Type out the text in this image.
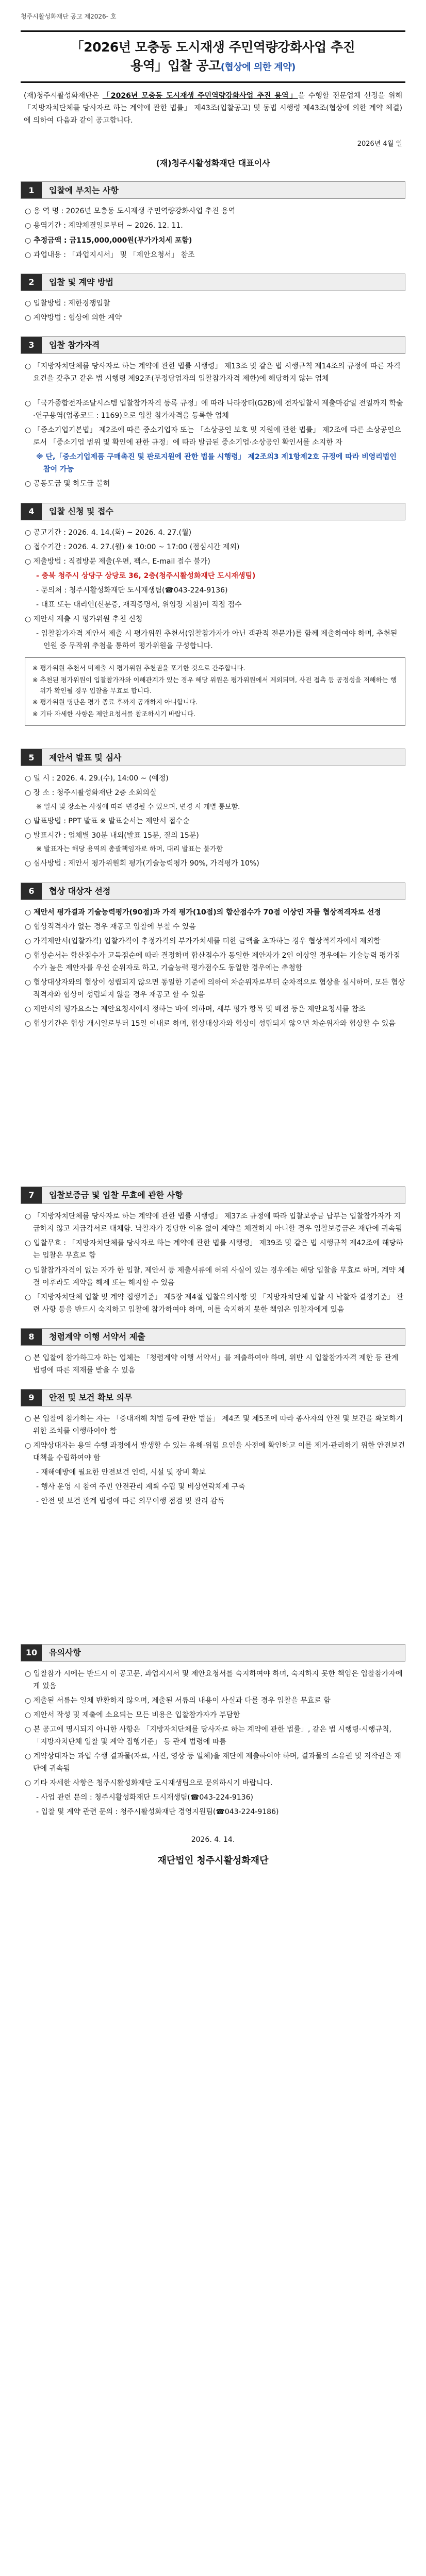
청주시활성화재단 공고 제2026- 호
「2026년 모충동 도시재생 주민역량강화사업 추진
용역」입찰 공고(협상에 의한 계약)

(재)청주시활성화재단은 「2026년 모충동 도시재생 주민역량강화사업 추진 용역」을 수행할 전문업체 선정을 위해 「지방자치단체를 당사자로 하는 계약에 관한 법률」 제43조(입찰공고) 및 동법 시행령 제43조(협상에 의한 계약 체결)에 의하여 다음과 같이 공고합니다.

2026년 4월 일
(재)청주시활성화재단 대표이사
1	입찰에 부치는 사항
○ 용 역 명 : 2026년 모충동 도시재생 주민역량강화사업 추진 용역
○ 용역기간 : 계약체결일로부터 ~ 2026. 12. 11.
○ 추정금액 : 금115,000,000원(부가가치세 포함)
○ 과업내용 : 「과업지시서」 및 「제안요청서」 참조
2	입찰 및 계약 방법
○ 입찰방법 : 제한경쟁입찰
○ 계약방법 : 협상에 의한 계약
3	입찰 참가자격
○ 「지방자치단체를 당사자로 하는 계약에 관한 법률 시행령」 제13조 및 같은 법 시행규칙 제14조의 규정에 따른 자격요건을 갖추고 같은 법 시행령 제92조(부정당업자의 입찰참가자격 제한)에 해당하지 않는 업체
○ 「국가종합전자조달시스템 입찰참가자격 등록 규정」에 따라 나라장터(G2B)에 전자입찰서 제출마감일 전일까지 학술·연구용역(업종코드 : 1169)으로 입찰 참가자격을 등록한 업체
○ 「중소기업기본법」 제2조에 따른 중소기업자 또는 「소상공인 보호 및 지원에 관한 법률」 제2조에 따른 소상공인으로서 「중소기업 범위 및 확인에 관한 규정」에 따라 발급된 중소기업·소상공인 확인서를 소지한 자
※ 단,「중소기업제품 구매촉진 및 판로지원에 관한 법률 시행령」 제2조의3 제1항제2호 규정에 따라 비영리법인 참여 가능
○ 공동도급 및 하도급 불허
4	입찰 신청 및 접수
○ 공고기간 : 2026. 4. 14.(화) ~ 2026. 4. 27.(월)
○ 접수기간 : 2026. 4. 27.(월) ※ 10:00 ~ 17:00 (점심시간 제외)
○ 제출방법 : 직접방문 제출(우편, 팩스, E-mail 접수 불가)
- 충북 청주시 상당구 상당로 36, 2층(청주시활성화재단 도시재생팀)
- 문의처 : 청주시활성화재단 도시재생팀(☎043-224-9136)
- 대표 또는 대리인(신분증, 재직증명서, 위임장 지참)이 직접 접수
○ 제안서 제출 시 평가위원 추천 신청
- 입찰참가자격 제안서 제출 시 평가위원 추천서(입찰참가자가 아닌 객관적 전문가)를 함께 제출하여야 하며, 추천된 인원 중 무작위 추첨을 통하여 평가위원을 구성합니다.
※ 평가위원 추천서 미제출 시 평가위원 추천권을 포기한 것으로 간주합니다.
※ 추천된 평가위원이 입찰참가자와 이해관계가 있는 경우 해당 위원은 평가위원에서 제외되며, 사전 접촉 등 공정성을 저해하는 행위가 확인될 경우 입찰을 무효로 합니다.
※ 평가위원 명단은 평가 종료 후까지 공개하지 아니합니다.
※ 기타 자세한 사항은 제안요청서를 참조하시기 바랍니다.
5	제안서 발표 및 심사
○ 일 시 : 2026. 4. 29.(수), 14:00 ~ (예정)
○ 장 소 : 청주시활성화재단 2층 소회의실
※ 일시 및 장소는 사정에 따라 변경될 수 있으며, 변경 시 개별 통보함.
○ 발표방법 : PPT 발표 ※ 발표순서는 제안서 접수순
○ 발표시간 : 업체별 30분 내외(발표 15분, 질의 15분)
※ 발표자는 해당 용역의 총괄책임자로 하며, 대리 발표는 불가함
○ 심사방법 : 제안서 평가위원회 평가(기술능력평가 90%, 가격평가 10%)
6	협상 대상자 선정
○ 제안서 평가결과 기술능력평가(90점)과 가격 평가(10점)의 합산점수가 70점 이상인 자를 협상적격자로 선정
○ 협상적격자가 없는 경우 재공고 입찰에 부칠 수 있음
○ 가격제안서(입찰가격) 입찰가격이 추정가격의 부가가치세를 더한 금액을 초과하는 경우 협상적격자에서 제외함
○ 협상순서는 합산점수가 고득점순에 따라 결정하며 합산점수가 동일한 제안자가 2인 이상일 경우에는 기술능력 평가점수가 높은 제안자를 우선 순위자로 하고, 기술능력 평가점수도 동일한 경우에는 추첨함
○ 협상대상자와의 협상이 성립되지 않으면 동일한 기준에 의하여 차순위자로부터 순차적으로 협상을 실시하며, 모든 협상적격자와 협상이 성립되지 않을 경우 재공고 할 수 있음
○ 제안서의 평가요소는 제안요청서에서 정하는 바에 의하며, 세부 평가 항목 및 배점 등은 제안요청서를 참조
○ 협상기간은 협상 개시일로부터 15일 이내로 하며, 협상대상자와 협상이 성립되지 않으면 차순위자와 협상할 수 있음
7	입찰보증금 및 입찰 무효에 관한 사항
○ 「지방자치단체를 당사자로 하는 계약에 관한 법률 시행령」 제37조 규정에 따라 입찰보증금 납부는 입찰참가자가 지급하지 않고 지급각서로 대체함. 낙찰자가 정당한 이유 없이 계약을 체결하지 아니할 경우 입찰보증금은 재단에 귀속됨
○ 입찰무효 : 「지방자치단체를 당사자로 하는 계약에 관한 법률 시행령」 제39조 및 같은 법 시행규칙 제42조에 해당하는 입찰은 무효로 함
○ 입찰참가자격이 없는 자가 한 입찰, 제안서 등 제출서류에 허위 사실이 있는 경우에는 해당 입찰을 무효로 하며, 계약 체결 이후라도 계약을 해제 또는 해지할 수 있음
○ 「지방자치단체 입찰 및 계약 집행기준」 제5장 제4절 입찰유의사항 및 「지방자치단체 입찰 시 낙찰자 결정기준」 관련 사항 등을 반드시 숙지하고 입찰에 참가하여야 하며, 이를 숙지하지 못한 책임은 입찰자에게 있음
8	청렴계약 이행 서약서 제출
○ 본 입찰에 참가하고자 하는 업체는 「청렴계약 이행 서약서」를 제출하여야 하며, 위반 시 입찰참가자격 제한 등 관계 법령에 따른 제재를 받을 수 있음
9	안전 및 보건 확보 의무
○ 본 입찰에 참가하는 자는 「중대재해 처벌 등에 관한 법률」 제4조 및 제5조에 따라 종사자의 안전 및 보건을 확보하기 위한 조치를 이행하여야 함
○ 계약상대자는 용역 수행 과정에서 발생할 수 있는 유해·위험 요인을 사전에 확인하고 이를 제거·관리하기 위한 안전보건 대책을 수립하여야 함
- 재해예방에 필요한 안전보건 인력, 시설 및 장비 확보
- 행사 운영 시 참여 주민 안전관리 계획 수립 및 비상연락체계 구축
- 안전 및 보건 관계 법령에 따른 의무이행 점검 및 관리 감독
10	유의사항
○ 입찰참가 시에는 반드시 이 공고문, 과업지시서 및 제안요청서를 숙지하여야 하며, 숙지하지 못한 책임은 입찰참가자에게 있음
○ 제출된 서류는 일체 반환하지 않으며, 제출된 서류의 내용이 사실과 다를 경우 입찰을 무효로 함
○ 제안서 작성 및 제출에 소요되는 모든 비용은 입찰참가자가 부담함
○ 본 공고에 명시되지 아니한 사항은 「지방자치단체를 당사자로 하는 계약에 관한 법률」, 같은 법 시행령·시행규칙, 「지방자치단체 입찰 및 계약 집행기준」 등 관계 법령에 따름
○ 계약상대자는 과업 수행 결과물(자료, 사진, 영상 등 일체)을 재단에 제출하여야 하며, 결과물의 소유권 및 저작권은 재단에 귀속됨
○ 기타 자세한 사항은 청주시활성화재단 도시재생팀으로 문의하시기 바랍니다.
- 사업 관련 문의 : 청주시활성화재단 도시재생팀(☎043-224-9136)
- 입찰 및 계약 관련 문의 : 청주시활성화재단 경영지원팀(☎043-224-9186)
2026. 4. 14.
재단법인 청주시활성화재단
